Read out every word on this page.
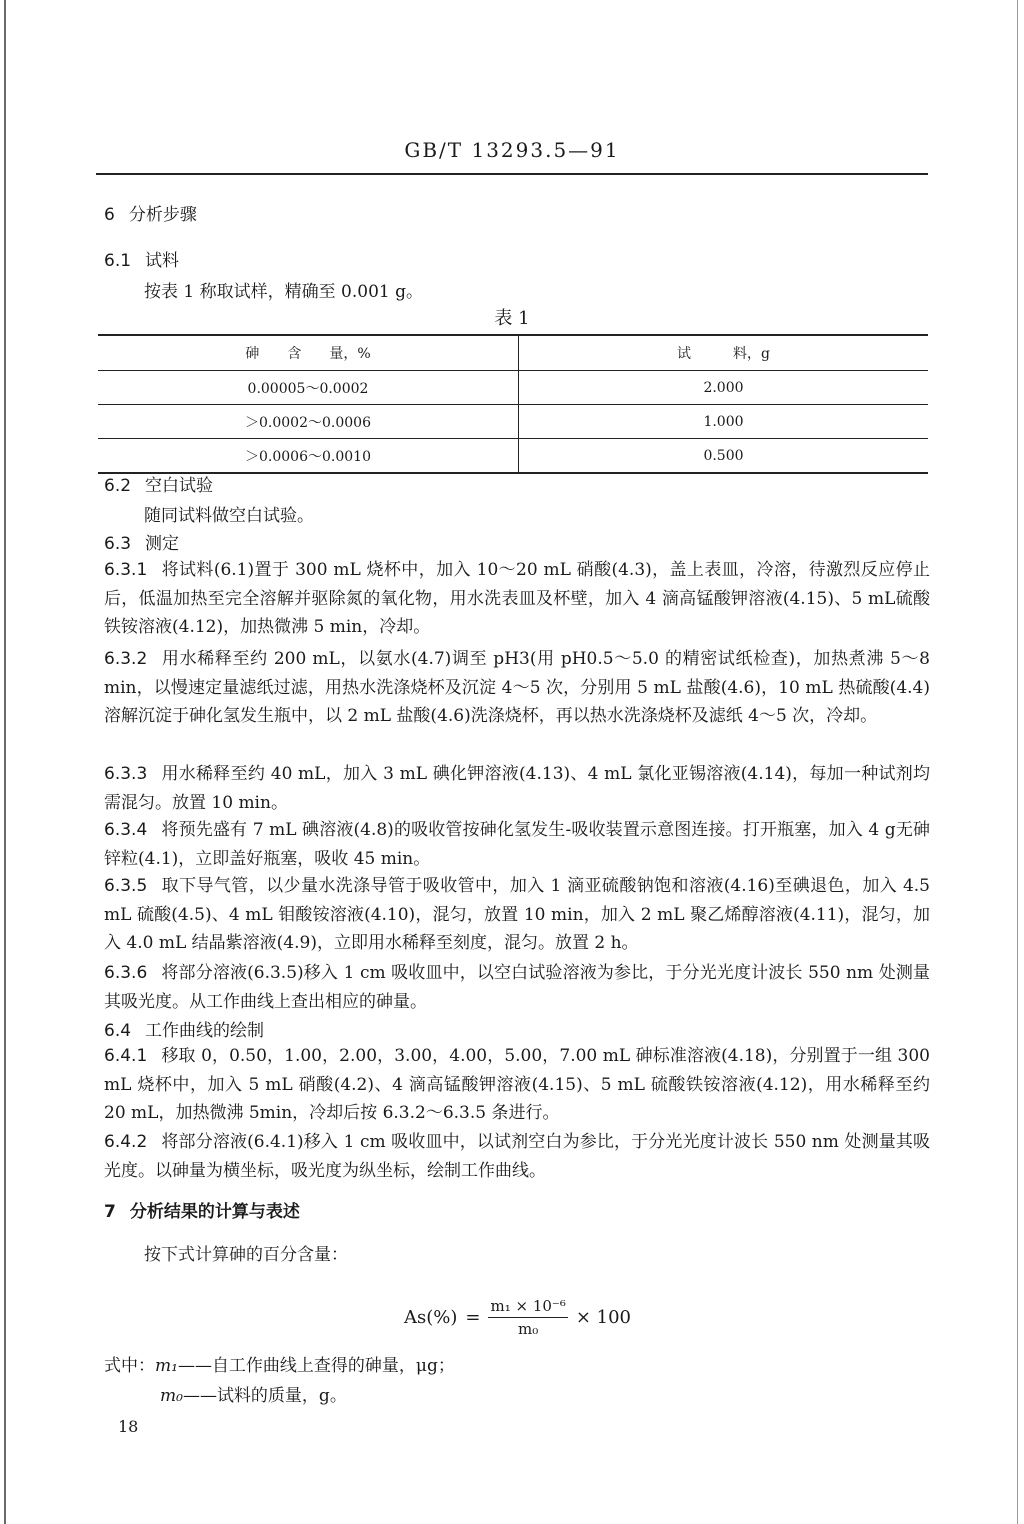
GB/T 13293.5—91
6 分析步骤
6.1 试料
按表 1 称取试样，精确至 0.001 g。
表 1
砷　　含　　量，%	试　　　料，g
0.00005～0.0002	2.000
＞0.0002～0.0006	1.000
＞0.0006～0.0010	0.500
6.2 空白试验
随同试料做空白试验。
6.3 测定
6.3.1 将试料(6.1)置于 300 mL 烧杯中，加入 10～20 mL 硝酸(4.3)，盖上表皿，冷溶，待激烈反应停止后，低温加热至完全溶解并驱除氮的氧化物，用水洗表皿及杯壁，加入 4 滴高锰酸钾溶液(4.15)、5 mL硫酸铁铵溶液(4.12)，加热微沸 5 min，冷却。
6.3.2 用水稀释至约 200 mL，以氨水(4.7)调至 pH3(用 pH0.5～5.0 的精密试纸检查)，加热煮沸 5～8 min，以慢速定量滤纸过滤，用热水洗涤烧杯及沉淀 4～5 次，分别用 5 mL 盐酸(4.6)，10 mL 热硫酸(4.4)溶解沉淀于砷化氢发生瓶中，以 2 mL 盐酸(4.6)洗涤烧杯，再以热水洗涤烧杯及滤纸 4～5 次，冷却。
6.3.3 用水稀释至约 40 mL，加入 3 mL 碘化钾溶液(4.13)、4 mL 氯化亚锡溶液(4.14)，每加一种试剂均需混匀。放置 10 min。
6.3.4 将预先盛有 7 mL 碘溶液(4.8)的吸收管按砷化氢发生-吸收装置示意图连接。打开瓶塞，加入 4 g无砷锌粒(4.1)，立即盖好瓶塞，吸收 45 min。
6.3.5 取下导气管，以少量水洗涤导管于吸收管中，加入 1 滴亚硫酸钠饱和溶液(4.16)至碘退色，加入 4.5 mL 硫酸(4.5)、4 mL 钼酸铵溶液(4.10)，混匀，放置 10 min，加入 2 mL 聚乙烯醇溶液(4.11)，混匀，加入 4.0 mL 结晶紫溶液(4.9)，立即用水稀释至刻度，混匀。放置 2 h。
6.3.6 将部分溶液(6.3.5)移入 1 cm 吸收皿中，以空白试验溶液为参比，于分光光度计波长 550 nm 处测量其吸光度。从工作曲线上查出相应的砷量。
6.4 工作曲线的绘制
6.4.1 移取 0，0.50，1.00，2.00，3.00，4.00，5.00，7.00 mL 砷标准溶液(4.18)，分别置于一组 300 mL 烧杯中，加入 5 mL 硝酸(4.2)、4 滴高锰酸钾溶液(4.15)、5 mL 硫酸铁铵溶液(4.12)，用水稀释至约 20 mL，加热微沸 5min，冷却后按 6.3.2～6.3.5 条进行。
6.4.2 将部分溶液(6.4.1)移入 1 cm 吸收皿中，以试剂空白为参比，于分光光度计波长 550 nm 处测量其吸光度。以砷量为横坐标，吸光度为纵坐标，绘制工作曲线。
7 分析结果的计算与表述
按下式计算砷的百分含量：
$As(\%) = \frac{\text{m₁ × 10⁻⁶}}{\text{m₀}} \times 100$
式中：m₁——自工作曲线上查得的砷量，μg；
m₀——试料的质量，g。
18
